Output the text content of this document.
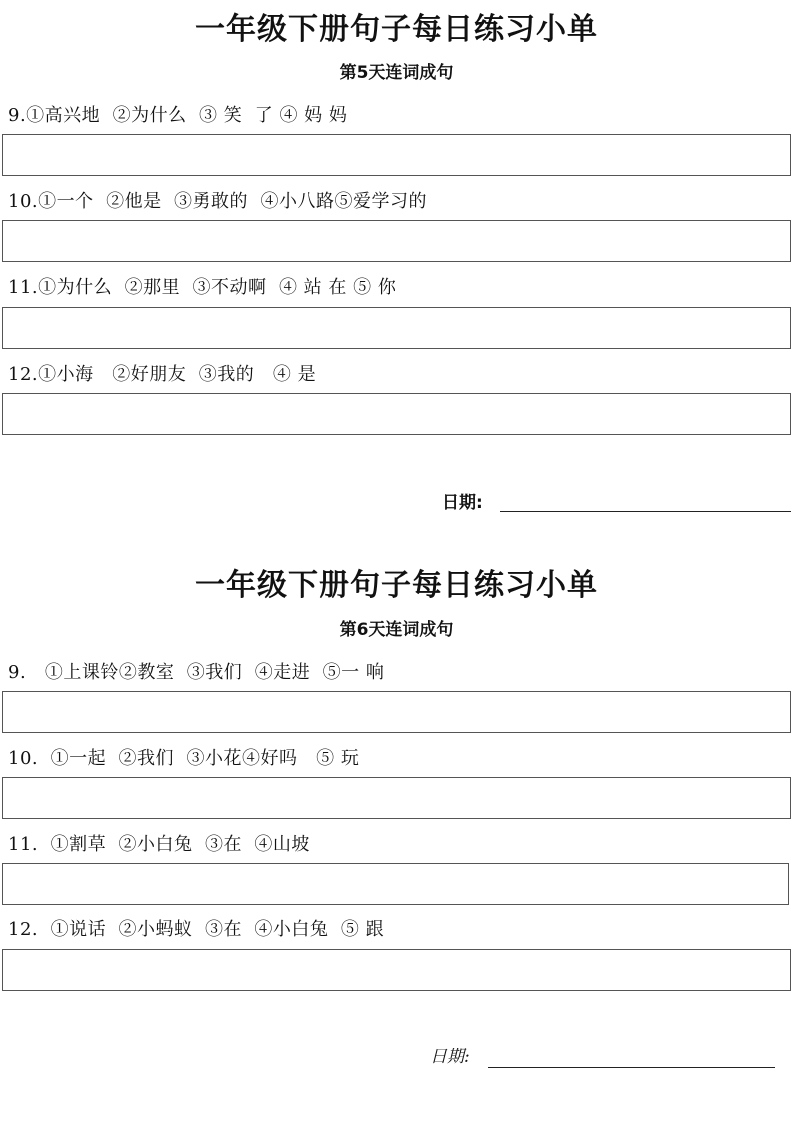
一年级下册句子每日练习小单
第5天连词成句
9.①高兴地  ②为什么  ③ 笑  了 ④ 妈 妈
10.①一个  ②他是  ③勇敢的  ④小八路⑤爱学习的
11.①为什么  ②那里  ③不动啊  ④ 站 在 ⑤ 你
12.①小海   ②好朋友  ③我的   ④ 是
日期:
一年级下册句子每日练习小单
第6天连词成句
9.   ①上课铃②教室  ③我们  ④走进  ⑤一 响
10.  ①一起  ②我们  ③小花④好吗   ⑤ 玩
11.  ①割草  ②小白兔  ③在  ④山坡
12.  ①说话  ②小蚂蚁  ③在  ④小白兔  ⑤ 跟
日期:
